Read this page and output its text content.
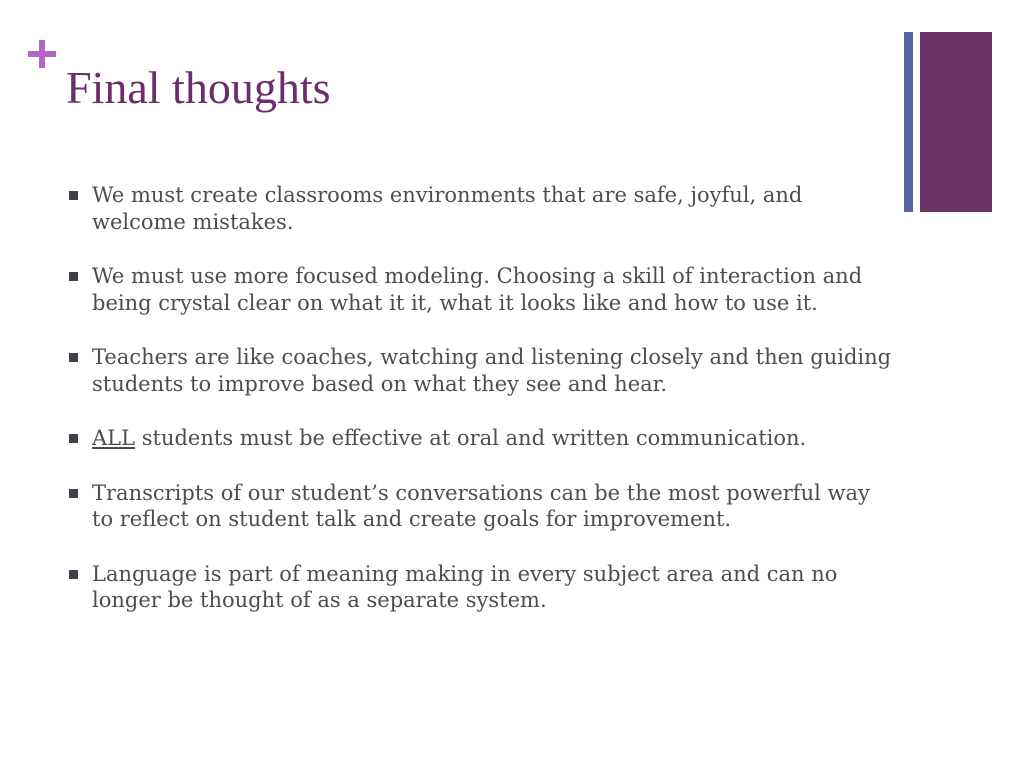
Final thoughts
We must create classrooms environments that are safe, joyful, and welcome mistakes.
We must use more focused modeling. Choosing a skill of interaction and being crystal clear on what it it, what it looks like and how to use it.
Teachers are like coaches, watching and listening closely and then guiding students to improve based on what they see and hear.
ALL students must be effective at oral and written communication.
Transcripts of our student’s conversations can be the most powerful way to reflect on student talk and create goals for improvement.
Language is part of meaning making in every subject area and can no longer be thought of as a separate system.
